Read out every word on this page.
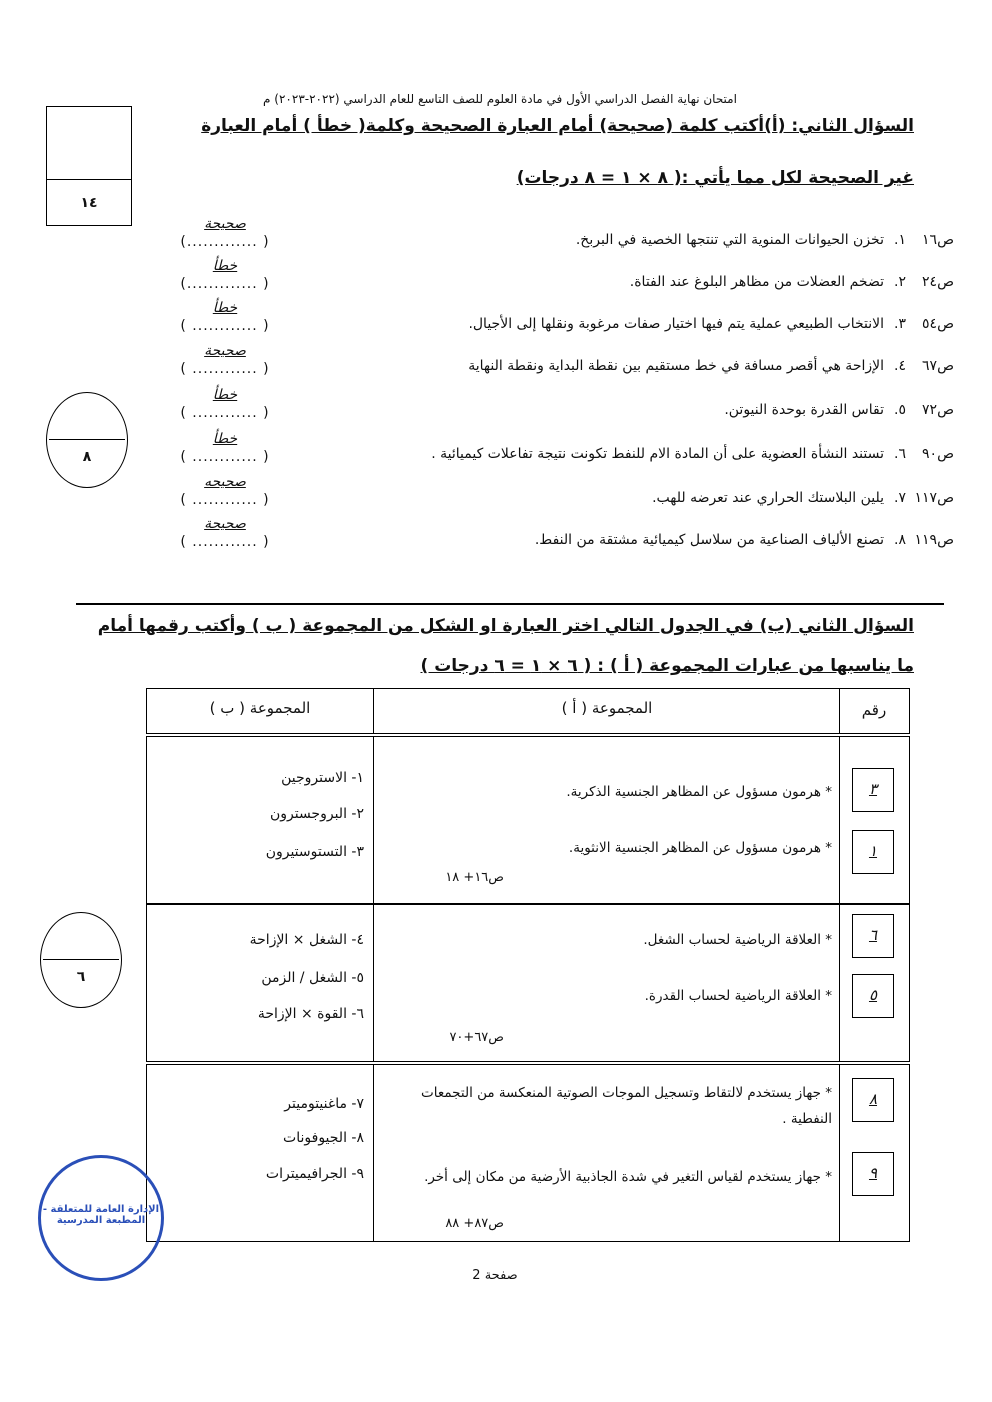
امتحان نهاية الفصل الدراسي الأول في مادة العلوم للصف التاسع للعام الدراسي (٢٠٢٢-٢٠٢٣) م
١٤
السؤال الثاني: (أ)أكتب كلمة (صحيحة) أمام العبارة الصحيحة وكلمة( خطأ ) أمام العبارة
غير الصحيحة لكل مما يأتي :( ٨ × ١ = ٨ درجات)
ص١٦
١.
تخزن الحيوانات المنوية التي تنتجها الخصية في البربخ.
صحيحة
( .............)
ص٢٤
٢.
تضخم العضلات من مظاهر البلوغ عند الفتاة.
خطأ
( .............)
ص٥٤
٣.
الانتخاب الطبيعي عملية يتم فيها اختيار صفات مرغوبة ونقلها إلى الأجيال.
خطأ
( ............ )
ص٦٧
٤.
الإزاحة هي أقصر مسافة في خط مستقيم بين نقطة البداية ونقطة النهاية
صحيحة
( ............ )
ص٧٢
٥.
تقاس القدرة بوحدة النيوتن.
خطأ
( ............ )
ص٩٠
٦.
تستند النشأة العضوية على أن المادة الام للنفط تكونت نتيجة تفاعلات كيميائية .
خطأ
( ............ )
ص١١٧
٧.
يلين البلاستك الحراري عند تعرضه للهب.
صحيحه
( ............ )
ص١١٩
٨.
تصنع الألياف الصناعية من سلاسل كيميائية مشتقة من النفط.
صحيحة
( ............ )
٨
السؤال الثاني (ب) في الجدول التالي اختر العبارة او الشكل من المجموعة ( ب ) وأكتب رقمها أمام
ما يناسبها من عبارات المجموعة ( أ ) : ( ٦ × ١ = ٦ درجات )
رقم
المجموعة ( أ )
المجموعة ( ب )
٣
١
* هرمون مسؤول عن المظاهر الجنسية الذكرية.
* هرمون مسؤول عن المظاهر الجنسية الانثوية.
ص١٦+ ١٨
١- الاستروجين
٢- البروجسترون
٣- التستوستيرون
٦
٥
* العلاقة الرياضية لحساب الشغل.
* العلاقة الرياضية لحساب القدرة.
ص٦٧+٧٠
٤- الشغل × الإزاحة
٥- الشغل / الزمن
٦- القوة × الإزاحة
٦
٨
٩
* جهاز يستخدم لالتقاط وتسجيل الموجات الصوتية المنعكسة من التجمعات النفطية .
* جهاز يستخدم لقياس التغير في شدة الجاذبية الأرضية من مكان إلى أخر.
ص٨٧+ ٨٨
٧- ماغنيتوميتر
٨- الجيوفونات
٩- الجرافيميترات
الإدارة العامة للمتعلقة - المطبعة المدرسية
صفحة 2
